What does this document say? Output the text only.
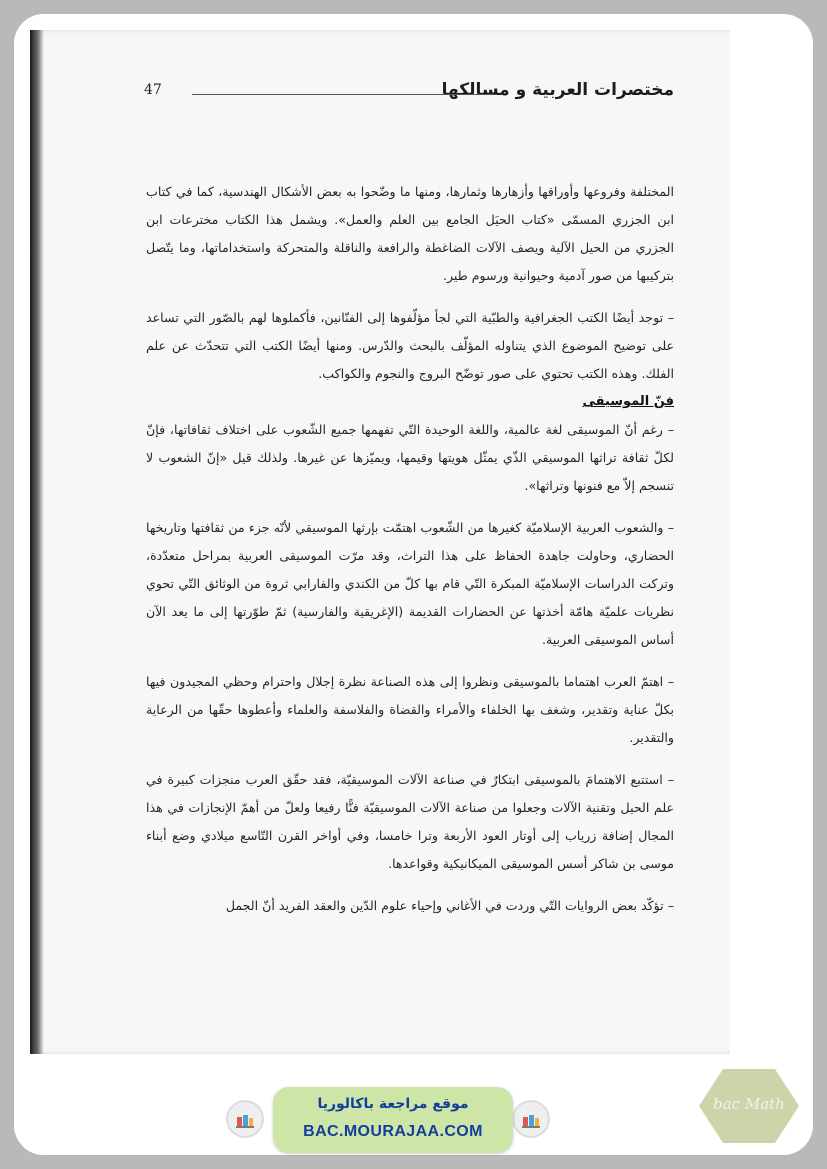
مختصرات العربية و مسالكها
47

المختلفة وفروعها وأوراقها وأزهارها وثمارها، ومنها ما وضّحوا به بعض الأشكال الهندسية، كما في كتاب ابن الجزري المسمّى «كتاب الحيَل الجامع بين العلم والعمل». ويشمل هذا الكتاب مخترعات ابن الجزري من الحيل الآلية ويصف الآلات الضاغطة والرافعة والناقلة والمتحركة واستخداماتها، وما يتّصل بتركيبها من صور آدمية وحيوانية ورسوم طير.

– توجد أيضًا الكتب الجغرافية والطبّية التي لجأ مؤلّفوها إلى الفنّانين، فأكملوها لهم بالصّور التي تساعد على توضيح الموضوع الذي يتناوله المؤلّف بالبحث والدّرس. ومنها أيضًا الكتب التي تتحدّث عن علم الفلك. وهذه الكتب تحتوي على صور توضّح البروج والنجوم والكواكب.

فنّ الموسيقى

– رغم أنّ الموسيقى لغة عالمية، واللغة الوحيدة التّي تفهمها جميع الشّعوب على اختلاف ثقافاتها، فإنّ لكلّ ثقافة تراثها الموسيقي الذّي يمثّل هويتها وقيمها، ويميّزها عن غيرها. ولذلك قيل «إنّ الشعوب لا تنسجم إلاّ مع فنونها وتراثها».

– والشعوب العربية الإسلاميّة كغيرها من الشّعوب اهتمّت بإرثها الموسيقي لأنّه جزء من ثقافتها وتاريخها الحضاري، وحاولت جاهدة الحفاظ على هذا التراث، وقد مرّت الموسيقى العربية بمراحل متعدّدة، وتركت الدراسات الإسلاميّة المبكرة التّي قام بها كلّ من الكندي والفارابي ثروة من الوثائق التّي تحوي نظريات علميّة هامّة أخذتها عن الحضارات القديمة (الإغريقية والفارسية) ثمّ طوّرتها إلى ما يعد الآن أساس الموسيقى العربية.

– اهتمّ العرب اهتماما بالموسيقى ونظروا إلى هذه الصناعة نظرة إجلال واحترام وحظي المجيدون فيها بكلّ عناية وتقدير، وشغف بها الخلفاء والأمراء والقضاة والفلاسفة والعلماء وأعطوها حقّها من الرعاية والتقدير.

– استتبع الاهتمامَ بالموسيقى ابتكارٌ في صناعة الآلات الموسيقيّة، فقد حقّق العرب منجزات كبيرة في علم الحيل وتقنية الآلات وجعلوا من صناعة الآلات الموسيقيّة فنًّا رفيعا ولعلّ من أهمّ الإنجازات في هذا المجال إضافة زرياب إلى أوتار العود الأربعة وترا خامسا، وفي أواخر القرن التّاسع ميلادي وضع أبناء موسى بن شاكر أسس الموسيقى الميكانيكية وقواعدها.

– تؤكّد بعض الروايات التّي وردت في الأغاني وإحياء علوم الدّين والعقد الفريد أنّ الجمل

موقع مراجعة باكالوريا
BAC.MOURAJAA.COM
bac Math
